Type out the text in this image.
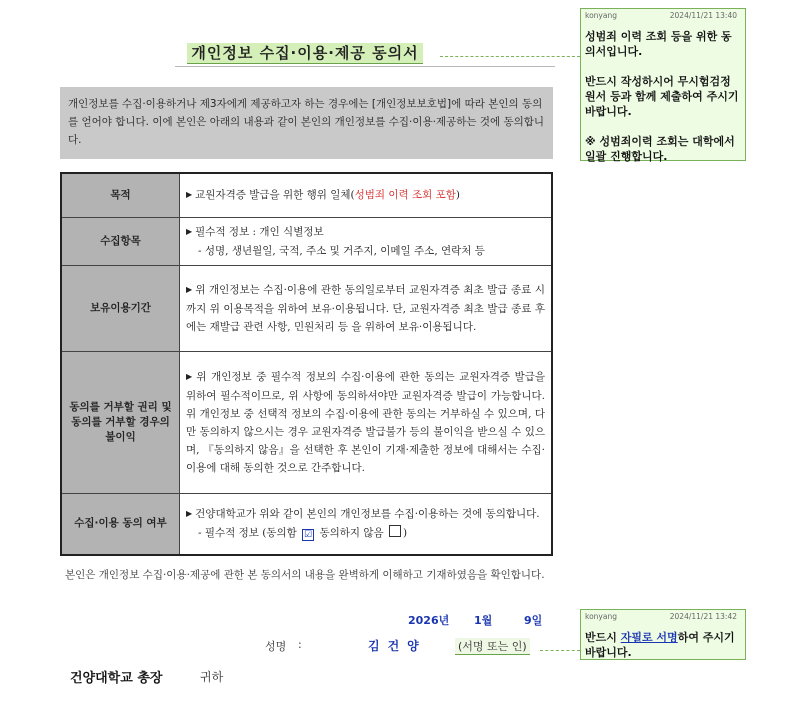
개인정보 수집·이용·제공 동의서
개인정보를 수집·이용하거나 제3자에게 제공하고자 하는 경우에는 [개인정보보호법]에 따라 본인의 동의를 얻어야 합니다. 이에 본인은 아래의 내용과 같이 본인의 개인정보를 수집·이용·제공하는 것에 동의합니다.
목적	▶ 교원자격증 발급을 위한 행위 일체(성범죄 이력 조회 포함)
수집항목	▶ 필수적 정보 : 개인 식별정보
- 성명, 생년월일, 국적, 주소 및 거주지, 이메일 주소, 연락처 등

보유이용기간	▶ 위 개인정보는 수집·이용에 관한 동의일로부터 교원자격증 최초 발급 종료 시까지 위 이용목적을 위하여 보유·이용됩니다. 단, 교원자격증 최초 발급 종료 후에는 재발급 관련 사항, 민원처리 등 을 위하여 보유·이용됩니다.
동의를 거부할 권리 및 동의를 거부할 경우의 불이익	▶ 위 개인정보 중 필수적 정보의 수집·이용에 관한 동의는 교원자격증 발급을 위하여 필수적이므로, 위 사항에 동의하셔야만 교원자격증 발급이 가능합니다. 위 개인정보 중 선택적 정보의 수집·이용에 관한 동의는 거부하실 수 있으며, 다만 동의하지 않으시는 경우 교원자격증 발급불가 등의 불이익을 받으실 수 있으며, 『동의하지 않음』을 선택한 후 본인이 기재·제출한 정보에 대해서는 수집·이용에 대해 동의한 것으로 간주합니다.
수집·이용 동의 여부	▶ 건양대학교가 위와 같이 본인의 개인정보를 수집·이용하는 것에 동의합니다.
- 필수적 정보 (동의함 ☑ 동의하지 않음 )
본인은 개인정보 수집·이용·제공에 관한 본 동의서의 내용을 완벽하게 이해하고 기재하였음을 확인합니다.
2026년 1월	9일
성명 :	김건양	(서명 또는 인)
건양대학교 총장	귀하
konyang	2024/11/21 13:40
성범죄 이력 조회 등을 위한 동의서입니다.
반드시 작성하시어 무시험검정원서 등과 함께 제출하여 주시기 바랍니다.
※ 성범죄이력 조회는 대학에서 일괄 진행합니다.
konyang	2024/11/21 13:42
반드시 자필로 서명하여 주시기 바랍니다.
